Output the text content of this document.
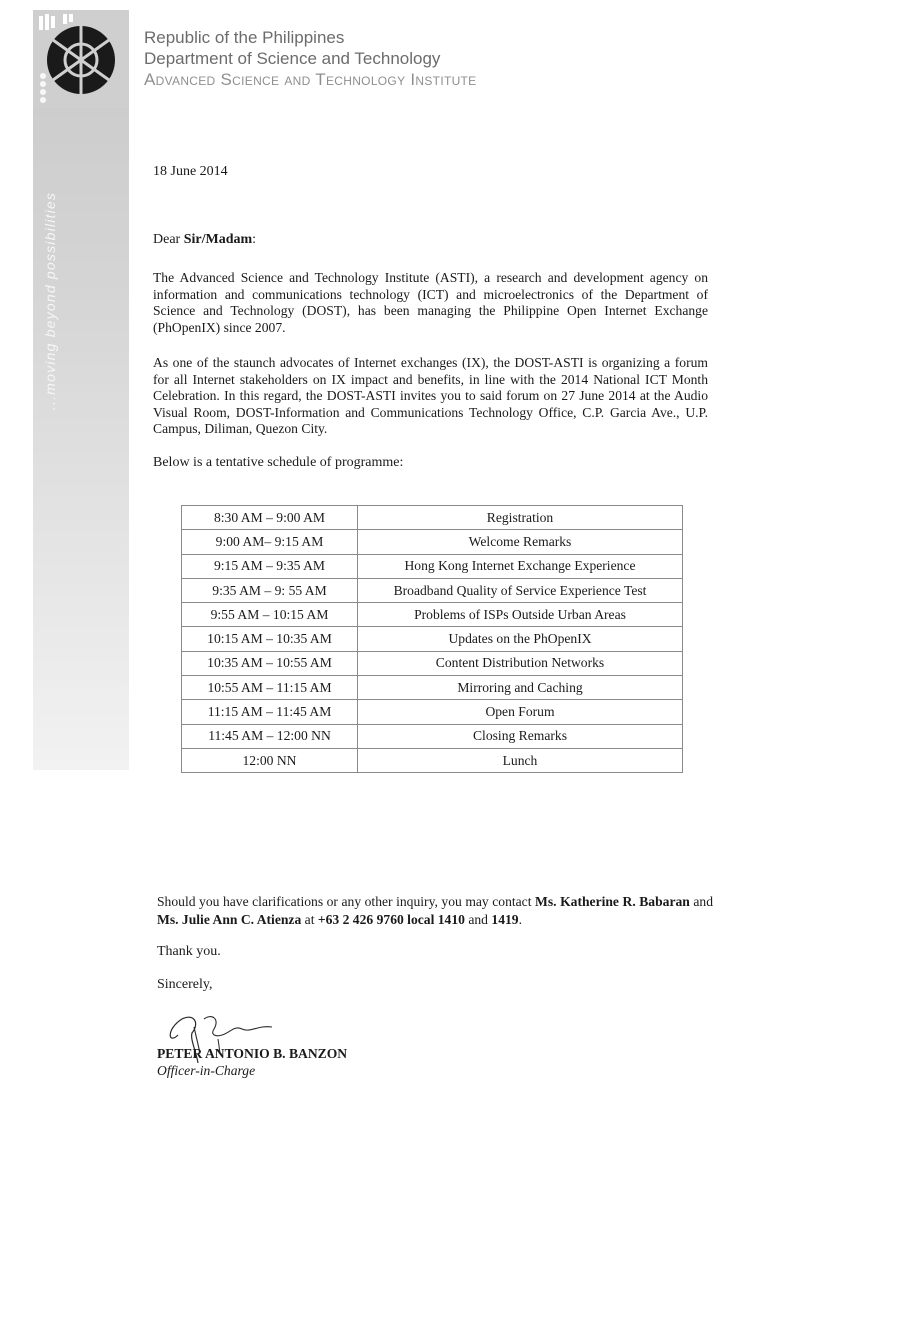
...moving beyond possibilities
Republic of the Philippines
Department of Science and Technology
Advanced Science and Technology Institute
18 June 2014
Dear Sir/Madam:
The Advanced Science and Technology Institute (ASTI), a research and development agency on information and communications technology (ICT) and microelectronics of the Department of Science and Technology (DOST), has been managing the Philippine Open Internet Exchange (PhOpenIX) since 2007.
As one of the staunch advocates of Internet exchanges (IX), the DOST-ASTI is organizing a forum for all Internet stakeholders on IX impact and benefits, in line with the 2014 National ICT Month Celebration. In this regard, the DOST-ASTI invites you to said forum on 27 June 2014 at the Audio Visual Room, DOST-Information and Communications Technology Office, C.P. Garcia Ave., U.P. Campus, Diliman, Quezon City.
Below is a tentative schedule of programme:
8:30 AM – 9:00 AM	Registration
9:00 AM– 9:15 AM	Welcome Remarks
9:15 AM – 9:35 AM	Hong Kong Internet Exchange Experience
9:35 AM – 9: 55 AM	Broadband Quality of Service Experience Test
9:55 AM – 10:15 AM	Problems of ISPs Outside Urban Areas
10:15 AM – 10:35 AM	Updates on the PhOpenIX
10:35 AM – 10:55 AM	Content Distribution Networks
10:55 AM – 11:15 AM	Mirroring and Caching
11:15 AM – 11:45 AM	Open Forum
11:45 AM – 12:00 NN	Closing Remarks
12:00 NN	Lunch
Should you have clarifications or any other inquiry, you may contact Ms. Katherine R. Babaran and Ms. Julie Ann C. Atienza at +63 2 426 9760 local 1410 and 1419.
Thank you.
Sincerely,
PETER ANTONIO B. BANZON
Officer-in-Charge
